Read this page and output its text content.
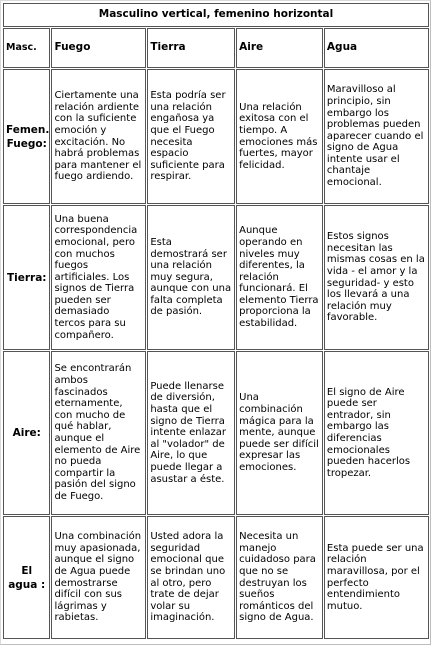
Masculino vertical, femenino horizontal				
Masc.	Fuego	Tierra	Aire	Agua
Femen. Fuego:	Ciertamente una relación ardiente con la suficiente emoción y excitación. No habrá problemas para mantener el fuego ardiendo.	Esta podría ser una relación engañosa ya que el Fuego necesita espacio suficiente para respirar.	Una relación exitosa con el tiempo. A emociones más fuertes, mayor felicidad.	Maravilloso al principio, sin embargo los problemas pueden aparecer cuando el signo de Agua intente usar el chantaje emocional.
Tierra:	Una buena correspondencia emocional, pero con muchos fuegos artificiales. Los signos de Tierra pueden ser demasiado tercos para su compañero.	Esta demostrará ser una relación muy segura, aunque con una falta completa de pasión.	Aunque operando en niveles muy diferentes, la relación funcionará. El elemento Tierra proporciona la estabilidad.	Estos signos necesitan las mismas cosas en la vida - el amor y la seguridad- y esto los llevará a una relación muy favorable.
Aire:	Se encontrarán ambos fascinados eternamente, con mucho de qué hablar, aunque el elemento de Aire no pueda compartir la pasión del signo de Fuego.	Puede llenarse de diversión, hasta que el signo de Tierra intente enlazar al "volador" de Aire, lo que puede llegar a asustar a éste.	Una combinación mágica para la mente, aunque puede ser difícil expresar las emociones.	El signo de Aire puede ser entrador, sin embargo las diferencias emocionales pueden hacerlos tropezar.
El agua :	Una combinación muy apasionada, aunque el signo de Agua puede demostrarse difícil con sus lágrimas y rabietas.	Usted adora la seguridad emocional que se brindan uno al otro, pero trate de dejar volar su imaginación.	Necesita un manejo cuidadoso para que no se destruyan los sueños románticos del signo de Agua.	Esta puede ser una relación maravillosa, por el perfecto entendimiento mutuo.
